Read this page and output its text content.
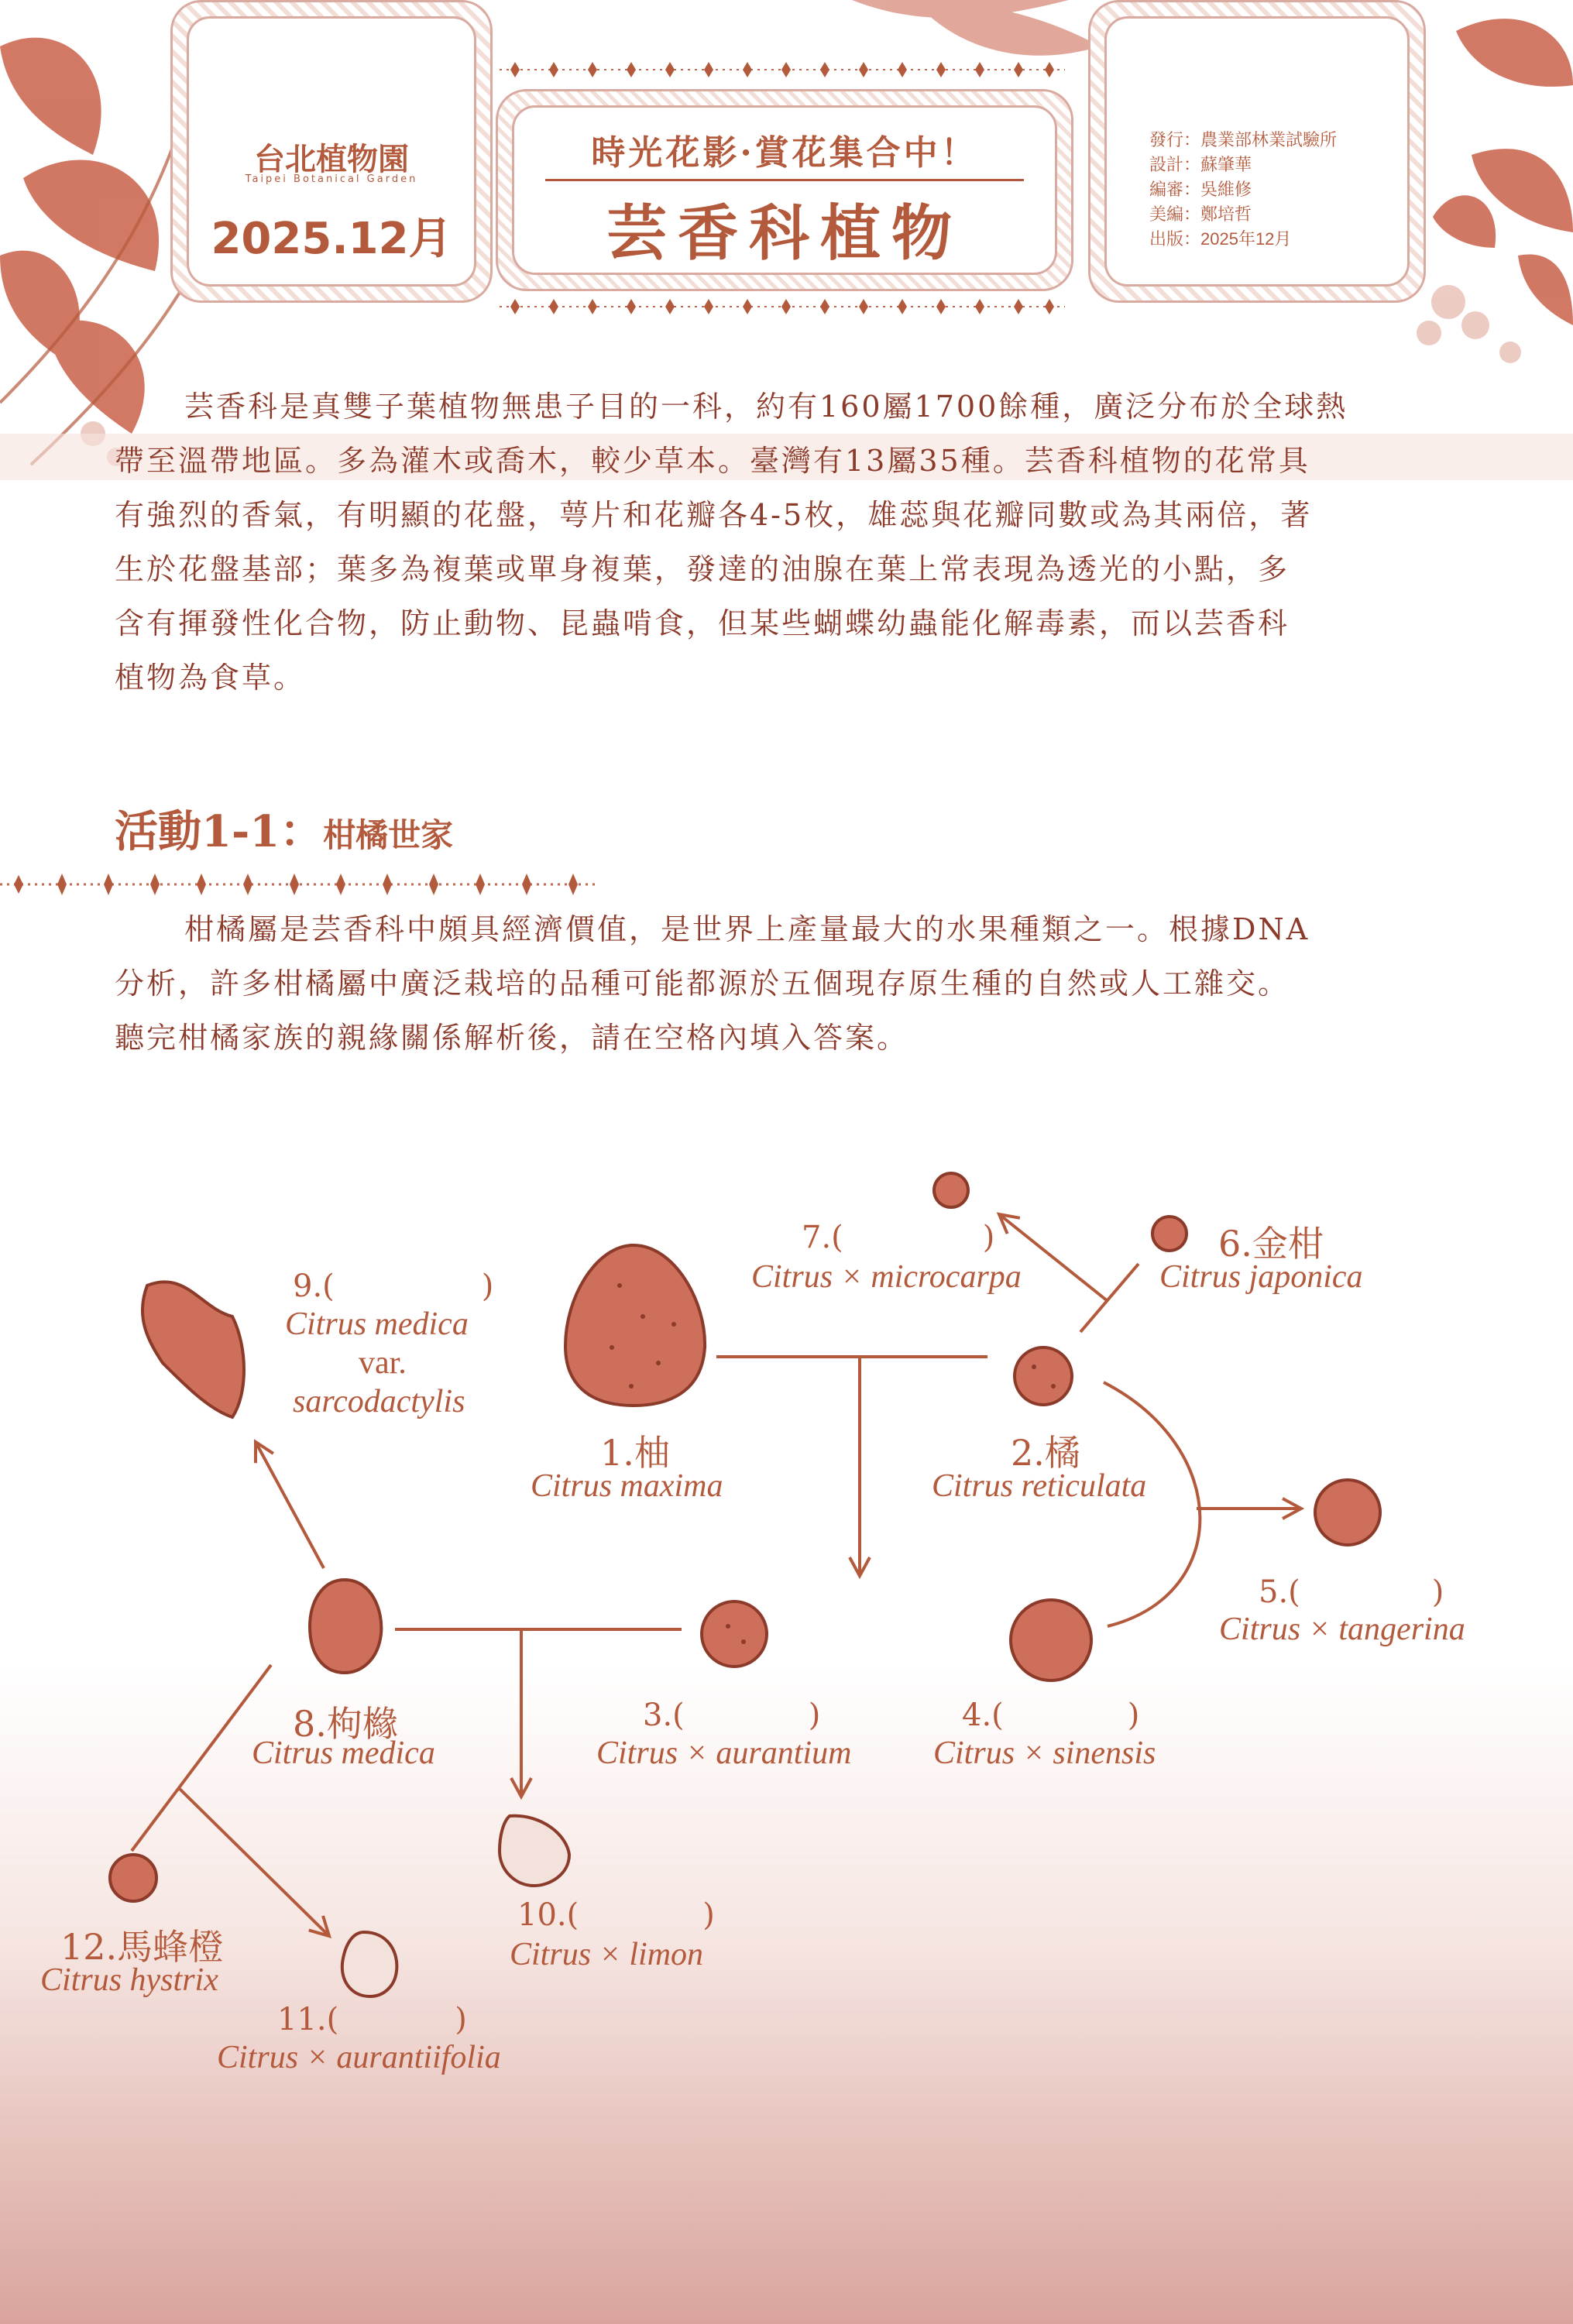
台北植物園
Taipei Botanical Garden
2025.12月
時光花影·賞花集合中！
芸香科植物
發行：農業部林業試驗所
設計：蘇肇華
編審：吳維修
美編：鄭培哲
出版：2025年12月
芸香科是真雙子葉植物無患子目的一科，約有160屬1700餘種，廣泛分布於全球熱
帶至溫帶地區。多為灌木或喬木，較少草本。臺灣有13屬35種。芸香科植物的花常具
有強烈的香氣，有明顯的花盤，萼片和花瓣各4-5枚，雄蕊與花瓣同數或為其兩倍，著
生於花盤基部；葉多為複葉或單身複葉，發達的油腺在葉上常表現為透光的小點，多
含有揮發性化合物，防止動物、昆蟲啃食，但某些蝴蝶幼蟲能化解毒素，而以芸香科
植物為食草。
活動1-1：柑橘世家
柑橘屬是芸香科中頗具經濟價值，是世界上產量最大的水果種類之一。根據DNA
分析，許多柑橘屬中廣泛栽培的品種可能都源於五個現存原生種的自然或人工雜交。
聽完柑橘家族的親緣關係解析後，請在空格內填入答案。
1.柚
Citrus maxima
2.橘
Citrus reticulata
3.(	)
Citrus × aurantium
4.(	)
Citrus × sinensis
5.(	)
Citrus × tangerina
6.金柑
Citrus japonica
7.(	)
Citrus × microcarpa
8.枸櫞
Citrus medica
9.(	)
Citrus medica
var.
sarcodactylis
10.(	)
Citrus × limon
11.(	)
Citrus × aurantiifolia
12.馬蜂橙
Citrus hystrix
